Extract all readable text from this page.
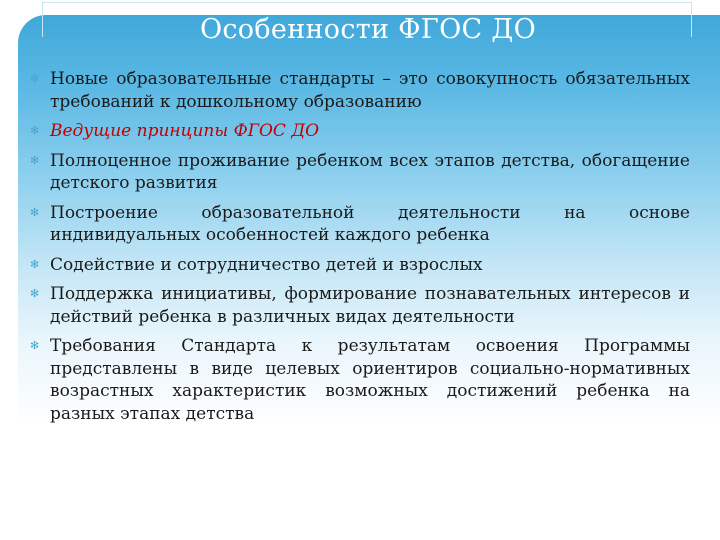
Особенности ФГОС ДО
✻ Новые образовательные стандарты – это совокупность обязательных требований к дошкольному образованию
✻ Ведущие принципы ФГОС ДО
✻ Полноценное проживание ребенком всех этапов детства, обогащение детского развития
✻ Построение образовательной деятельности на основе индивидуальных особенностей каждого ребенка
✻ Содействие и сотрудничество детей и взрослых
✻ Поддержка инициативы, формирование познавательных интересов и действий ребенка в различных видах деятельности
✻ Требования Стандарта к результатам освоения Программы представлены в виде целевых ориентиров социально-нормативных возрастных характеристик возможных достижений ребенка на разных этапах детства
